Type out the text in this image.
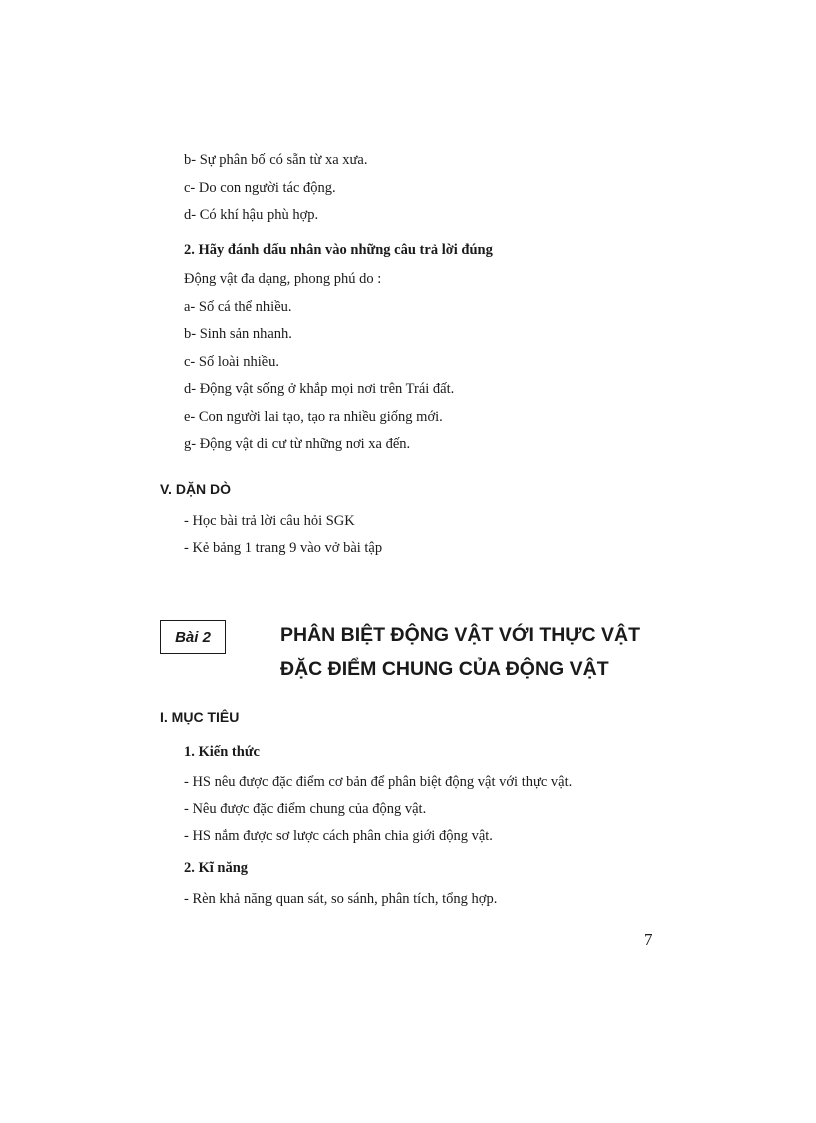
b- Sự phân bố có sẵn từ xa xưa.
c- Do con người tác động.
d- Có khí hậu phù hợp.
2. Hãy đánh dấu nhân vào những câu trả lời đúng
Động vật đa dạng, phong phú do :
a- Số cá thể nhiều.
b- Sinh sản nhanh.
c- Số loài nhiều.
d- Động vật sống ở khắp mọi nơi trên Trái đất.
e- Con người lai tạo, tạo ra nhiều giống mới.
g- Động vật di cư từ những nơi xa đến.
V. DẶN DÒ
- Học bài trả lời câu hỏi SGK
- Kẻ bảng 1 trang 9 vào vở bài tập
Bài 2	PHÂN BIỆT ĐỘNG VẬT VỚI THỰC VẬT
ĐẶC ĐIỂM CHUNG CỦA ĐỘNG VẬT
I. MỤC TIÊU
1. Kiến thức
- HS nêu được đặc điểm cơ bản để phân biệt động vật với thực vật.
- Nêu được đặc điểm chung của động vật.
- HS nắm được sơ lược cách phân chia giới động vật.
2. Kĩ năng
- Rèn khả năng quan sát, so sánh, phân tích, tổng hợp.
7
